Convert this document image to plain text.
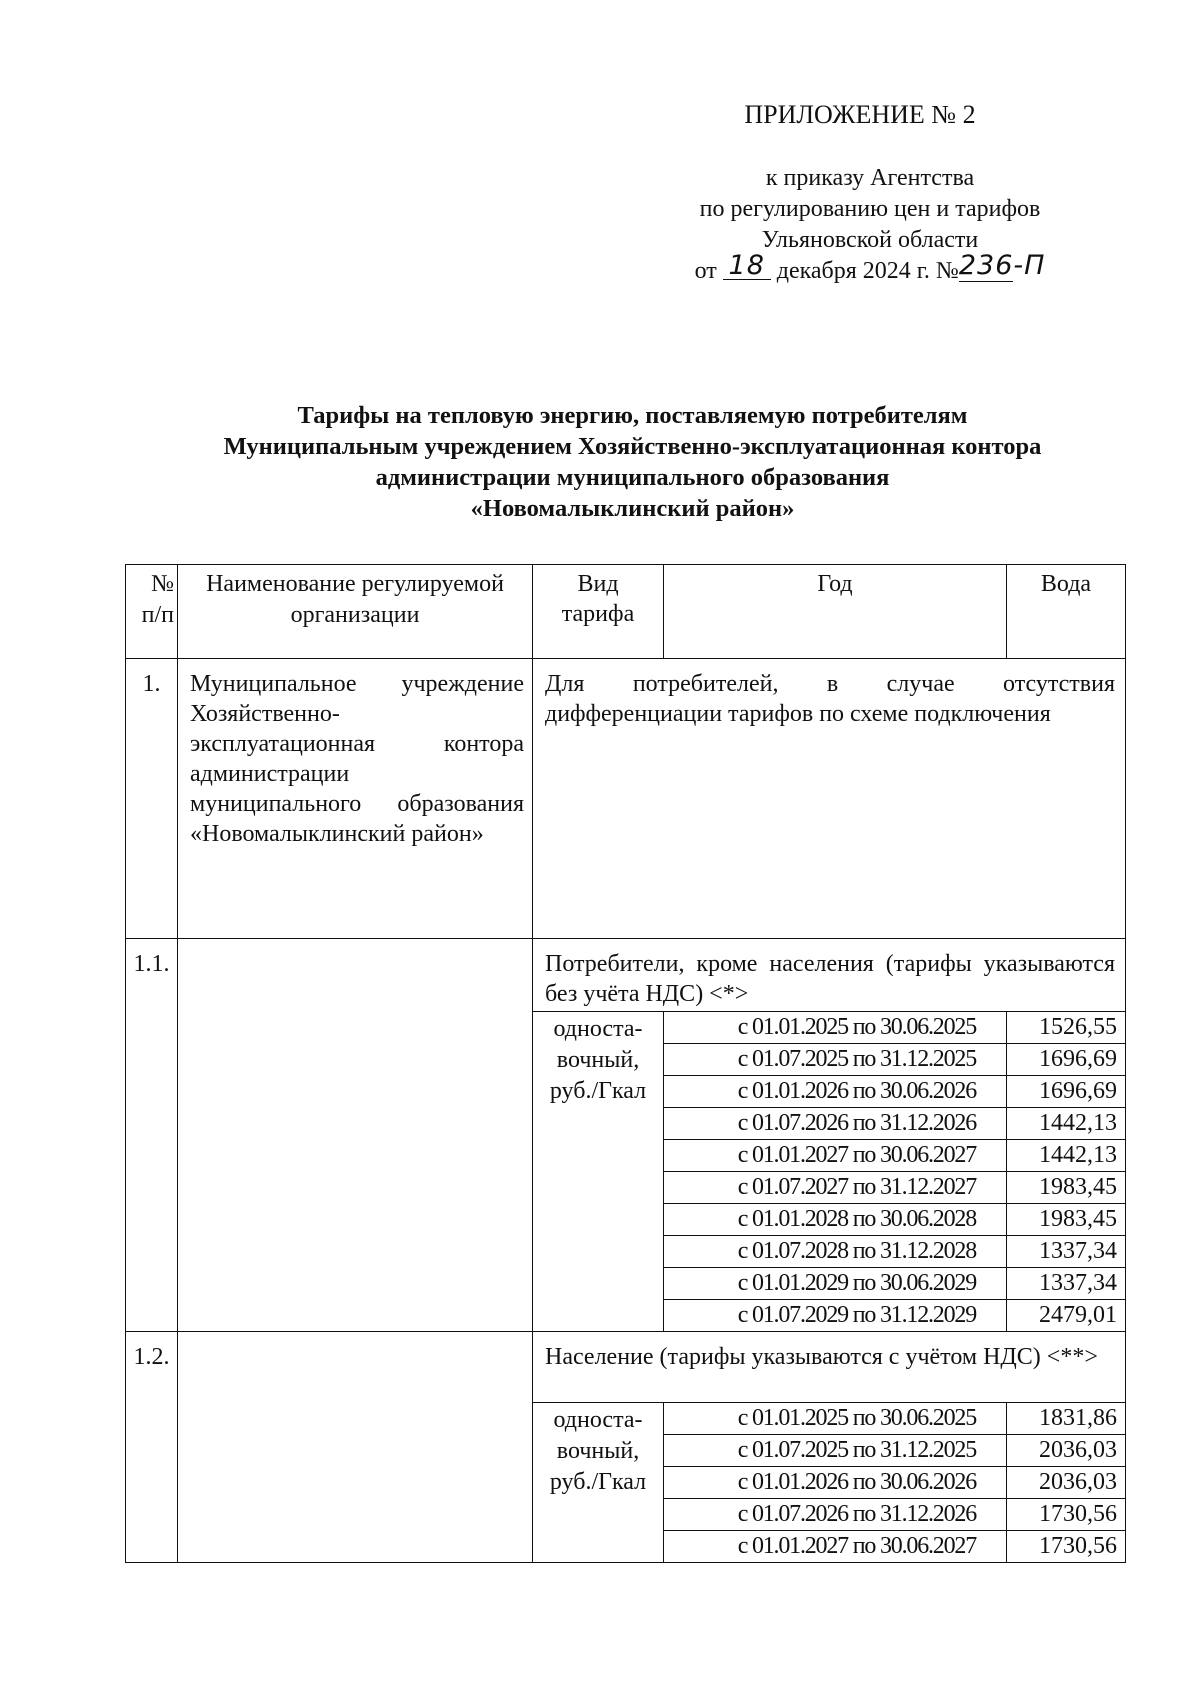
ПРИЛОЖЕНИЕ № 2
к приказу Агентства
по регулированию цен и тарифов
Ульяновской области
от 18 декабря 2024 г. №236-П
Тарифы на тепловую энергию, поставляемую потребителям
Муниципальным учреждением Хозяйственно-эксплуатационная контора
администрации муниципального образования
«Новомалыклинский район»
№ п/п	Наименование регулируемой организации	Вид тарифа	Год	Вода
1.	Муниципальное учреждение Хозяйственно-эксплуатационная контора администрации муниципального образования «Новомалыклинский район»	Для потребителей, в случае отсутствия дифференциации тарифов по схеме подключения		
1.1.		Потребители, кроме населения (тарифы указываются без учёта НДС) <*>		
		односта-вочный, руб./Гкал	с 01.01.2025 по 30.06.2025	1526,55
			с 01.07.2025 по 31.12.2025	1696,69
			с 01.01.2026 по 30.06.2026	1696,69
			с 01.07.2026 по 31.12.2026	1442,13
			с 01.01.2027 по 30.06.2027	1442,13
			с 01.07.2027 по 31.12.2027	1983,45
			с 01.01.2028 по 30.06.2028	1983,45
			с 01.07.2028 по 31.12.2028	1337,34
			с 01.01.2029 по 30.06.2029	1337,34
			с 01.07.2029 по 31.12.2029	2479,01
1.2.		Население (тарифы указываются с учётом НДС) <**>		
		односта-вочный, руб./Гкал	с 01.01.2025 по 30.06.2025	1831,86
			с 01.07.2025 по 31.12.2025	2036,03
			с 01.01.2026 по 30.06.2026	2036,03
			с 01.07.2026 по 31.12.2026	1730,56
			с 01.01.2027 по 30.06.2027	1730,56
